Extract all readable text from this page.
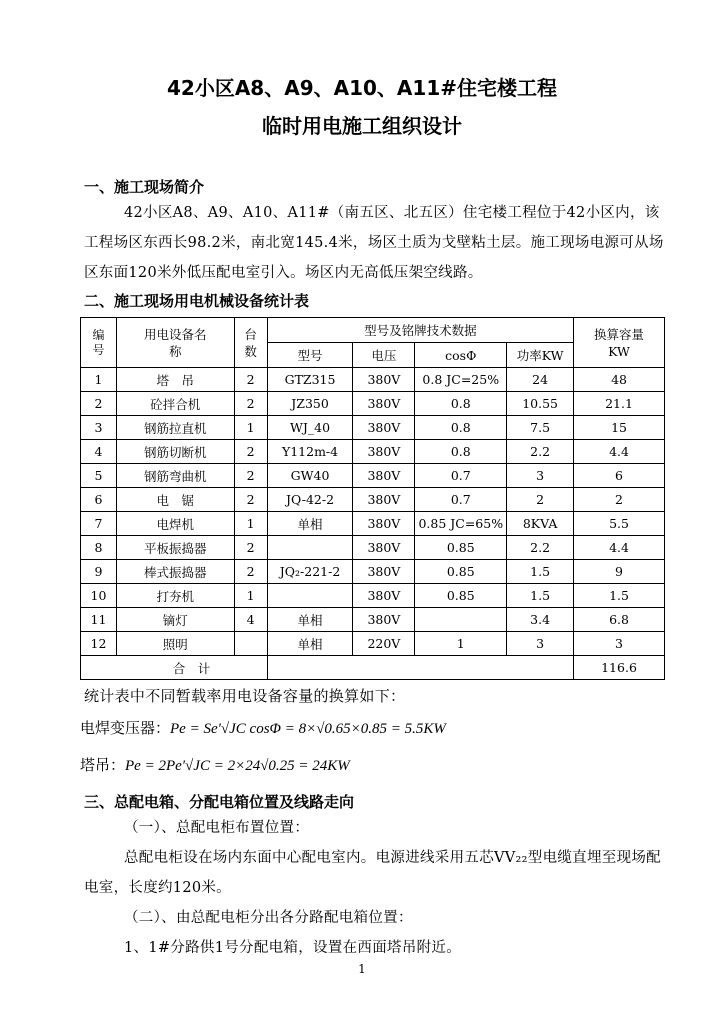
42小区A8、A9、A10、A11#住宅楼工程
临时用电施工组织设计
一、施工现场简介
42小区A8、A9、A10、A11#（南五区、北五区）住宅楼工程位于42小区内，该工程场区东西长98.2米，南北宽145.4米，场区土质为戈壁粘土层。施工现场电源可从场区东面120米外低压配电室引入。场区内无高低压架空线路。
二、施工现场用电机械设备统计表
编号	用电设备名　　称	台数	型号及铭牌技术数据				换算容量KW
			型号	电压	cosΦ	功率KW	
1	塔　吊	2	GTZ315	380V	0.8 JC=25%	24	48
2	砼拌合机	2	JZ350	380V	0.8	10.55	21.1
3	钢筋拉直机	1	WJ_40	380V	0.8	7.5	15
4	钢筋切断机	2	Y112m-4	380V	0.8	2.2	4.4
5	钢筋弯曲机	2	GW40	380V	0.7	3	6
6	电　锯	2	JQ-42-2	380V	0.7	2	2
7	电焊机	1	单相	380V	0.85 JC=65%	8KVA	5.5
8	平板振捣器	2		380V	0.85	2.2	4.4
9	棒式振捣器	2	JQ₂-221-2	380V	0.85	1.5	9
10	打夯机	1		380V	0.85	1.5	1.5
11	镝灯	4	单相	380V		3.4	6.8
12	照明		单相	220V	1	3	3
	合　计						116.6
统计表中不同暂载率用电设备容量的换算如下：
电焊变压器：Pe = Se′√JC cosΦ = 8×√0.65×0.85 = 5.5KW
塔吊：Pe = 2Pe′√JC = 2×24√0.25 = 24KW
三、总配电箱、分配电箱位置及线路走向
（一）、总配电柜布置位置：
总配电柜设在场内东面中心配电室内。电源进线采用五芯VV₂₂型电缆直埋至现场配电室，长度约120米。
（二）、由总配电柜分出各分路配电箱位置：
1、1#分路供1号分配电箱，设置在西面塔吊附近。
1
